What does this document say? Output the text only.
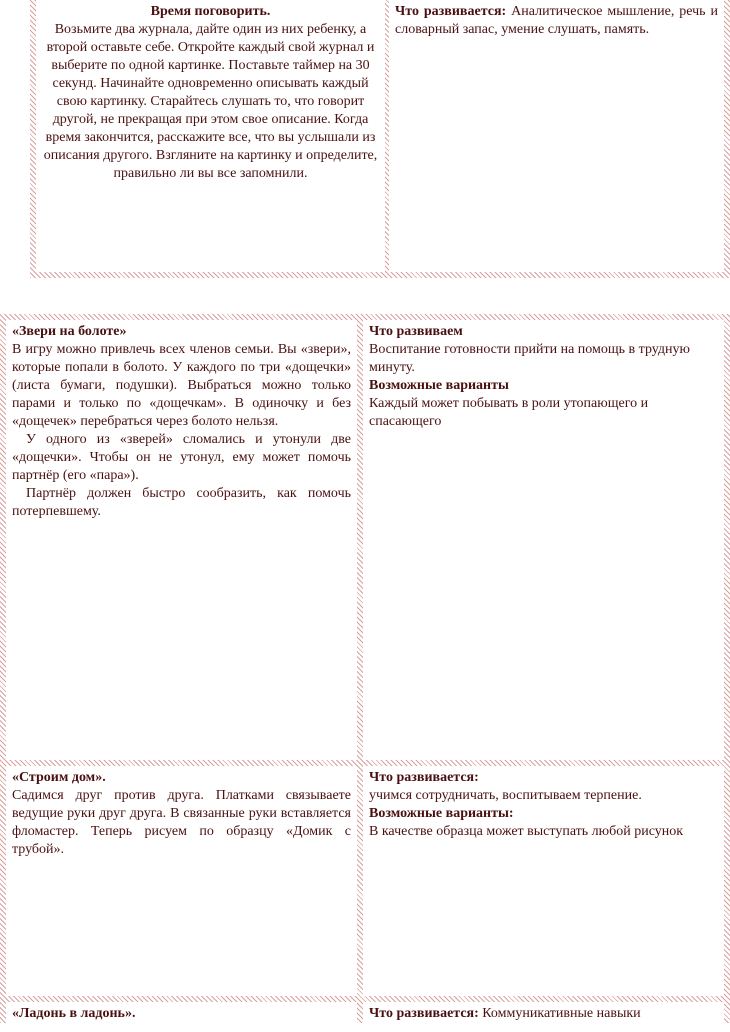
Время поговорить.

Возьмите два журнала, дайте один из них ребенку, а второй оставьте себе. Откройте каждый свой журнал и выберите по одной картинке. Поставьте таймер на 30 секунд. Начинайте одновременно описывать каждый свою картинку. Старайтесь слушать то, что говорит другой, не прекращая при этом свое описание. Когда время закончится, расскажите все, что вы услышали из описания другого. Взгляните на картинку и определите, правильно ли вы все запомнили.

Что развивается: Аналитическое мышление, речь и словарный запас, умение слушать, память.

«Звери на болоте»

В игру можно привлечь всех членов семьи. Вы «звери», которые попали в болото. У каждого по три «дощечки» (листа бумаги, подушки). Выбраться можно только парами и только по «дощечкам». В одиночку и без «дощечек» перебраться через болото нельзя.

У одного из «зверей» сломались и утонули две «дощечки». Чтобы он не утонул, ему может помочь партнёр (его «пара»).

Партнёр должен быстро сообразить, как помочь потерпевшему.

Что развиваем

Воспитание готовности прийти на помощь в трудную минуту.

Возможные варианты

Каждый может побывать в роли утопающего и спасающего

«Строим дом».

Садимся друг против друга. Платками связываете ведущие руки друг друга. В связанные руки вставляется фломастер. Теперь рисуем по образцу «Домик с трубой».

Что развивается:

учимся сотрудничать, воспитываем терпение.

Возможные варианты:

В качестве образца может выступать любой рисунок

«Ладонь в ладонь».	Что развивается: Коммуникативные навыки
